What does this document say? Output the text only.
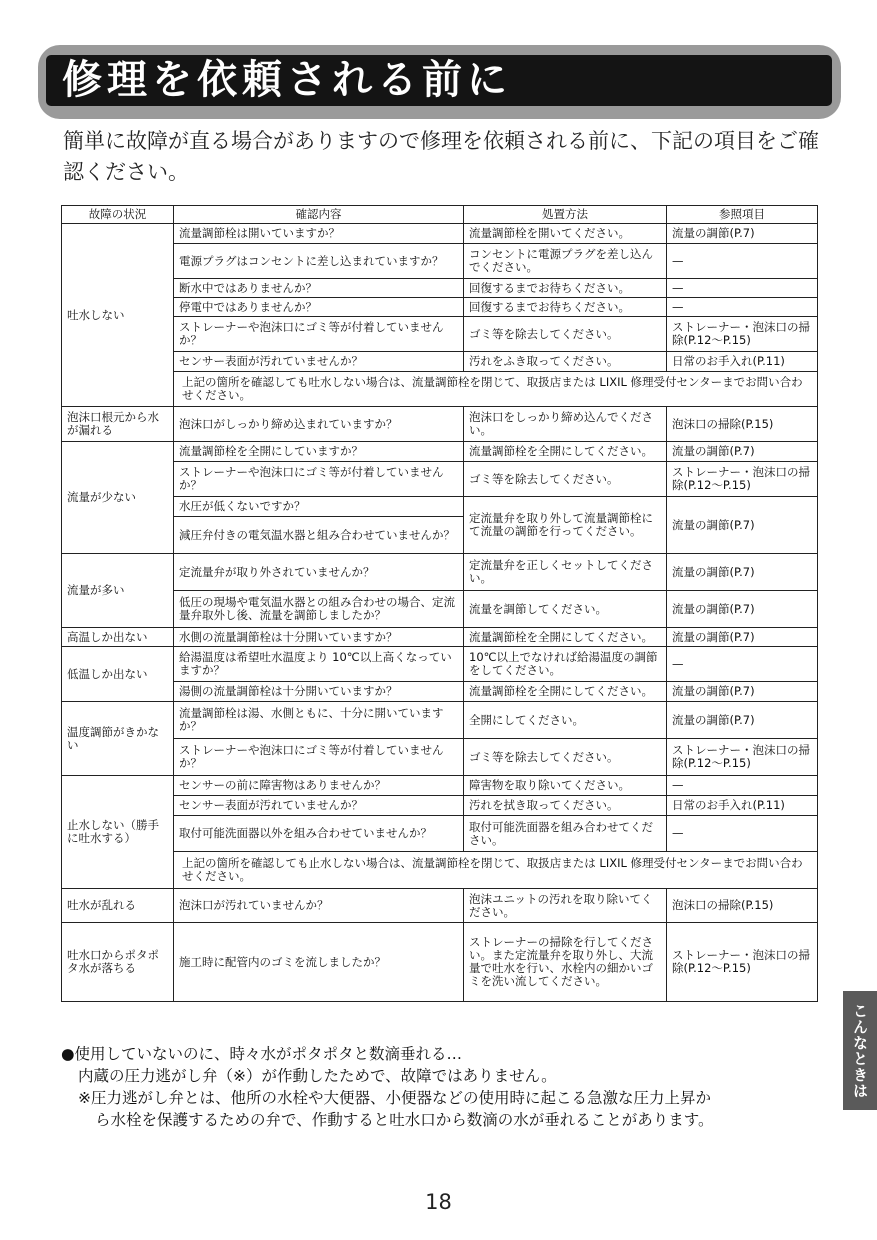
修理を依頼される前に
簡単に故障が直る場合がありますので修理を依頼される前に、下記の項目をご確認ください。
故障の状況	確認内容	処置方法	参照項目
吐水しない	流量調節栓は開いていますか？	流量調節栓を開いてください。	流量の調節(P.7)
	電源プラグはコンセントに差し込まれていますか？	コンセントに電源プラグを差し込んでください。	—
	断水中ではありませんか？	回復するまでお待ちください。	—
	停電中ではありませんか？	回復するまでお待ちください。	—
	ストレーナーや泡沫口にゴミ等が付着していませんか？	ゴミ等を除去してください。	ストレーナー・泡沫口の掃除(P.12〜P.15)
	センサー表面が汚れていませんか？	汚れをふき取ってください。	日常のお手入れ(P.11)
	上記の箇所を確認しても吐水しない場合は、流量調節栓を閉じて、取扱店または LIXIL 修理受付センターまでお問い合わせください。		
泡沫口根元から水が漏れる	泡沫口がしっかり締め込まれていますか？	泡沫口をしっかり締め込んでください。	泡沫口の掃除(P.15)
流量が少ない	流量調節栓を全開にしていますか？	流量調節栓を全開にしてください。	流量の調節(P.7)
	ストレーナーや泡沫口にゴミ等が付着していませんか？	ゴミ等を除去してください。	ストレーナー・泡沫口の掃除(P.12〜P.15)
	水圧が低くないですか？	定流量弁を取り外して流量調節栓にて流量の調節を行ってください。	流量の調節(P.7)
	減圧弁付きの電気温水器と組み合わせていませんか？		
流量が多い	定流量弁が取り外されていませんか？	定流量弁を正しくセットしてください。	流量の調節(P.7)
	低圧の現場や電気温水器との組み合わせの場合、定流量弁取外し後、流量を調節しましたか？	流量を調節してください。	流量の調節(P.7)
高温しか出ない	水側の流量調節栓は十分開いていますか？	流量調節栓を全開にしてください。	流量の調節(P.7)
低温しか出ない	給湯温度は希望吐水温度より 10℃以上高くなっていますか？	10℃以上でなければ給湯温度の調節をしてください。	—
	湯側の流量調節栓は十分開いていますか？	流量調節栓を全開にしてください。	流量の調節(P.7)
温度調節がきかない	流量調節栓は湯、水側ともに、十分に開いていますか？	全開にしてください。	流量の調節(P.7)
	ストレーナーや泡沫口にゴミ等が付着していませんか？	ゴミ等を除去してください。	ストレーナー・泡沫口の掃除(P.12〜P.15)
止水しない（勝手に吐水する）	センサーの前に障害物はありませんか？	障害物を取り除いてください。	—
	センサー表面が汚れていませんか？	汚れを拭き取ってください。	日常のお手入れ(P.11)
	取付可能洗面器以外を組み合わせていませんか？	取付可能洗面器を組み合わせてください。	—
	上記の箇所を確認しても止水しない場合は、流量調節栓を閉じて、取扱店または LIXIL 修理受付センターまでお問い合わせください。		
吐水が乱れる	泡沫口が汚れていませんか？	泡沫ユニットの汚れを取り除いてください。	泡沫口の掃除(P.15)
吐水口からポタポタ水が落ちる	施工時に配管内のゴミを流しましたか？	ストレーナーの掃除を行してください。また定流量弁を取り外し、大流量で吐水を行い、水栓内の細かいゴミを洗い流してください。	ストレーナー・泡沫口の掃除(P.12〜P.15)

●使用していないのに、時々水がポタポタと数滴垂れる…

内蔵の圧力逃がし弁（※）が作動したためで、故障ではありません。

※圧力逃がし弁とは、他所の水栓や大便器、小便器などの使用時に起こる急激な圧力上昇か

ら水栓を保護するための弁で、作動すると吐水口から数滴の水が垂れることがあります。

こんなときは
18
